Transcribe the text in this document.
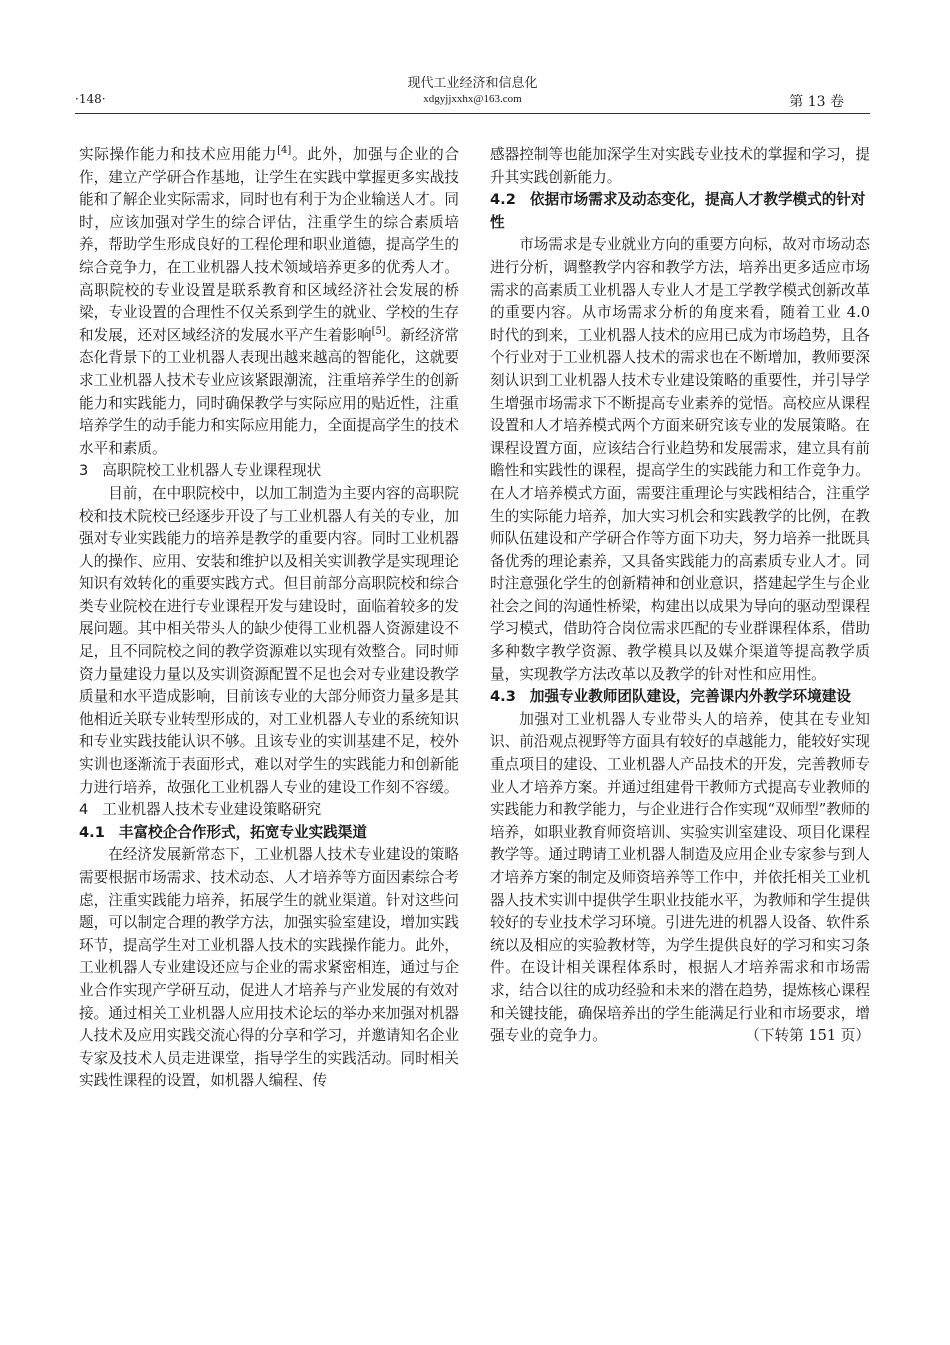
·148·
现代工业经济和信息化
xdgyjjxxhx@163.com	第 13 卷

实际操作能力和技术应用能力[4]。此外，加强与企业的合作，建立产学研合作基地，让学生在实践中掌握更多实战技能和了解企业实际需求，同时也有利于为企业输送人才。同时，应该加强对学生的综合评估，注重学生的综合素质培养，帮助学生形成良好的工程伦理和职业道德，提高学生的综合竞争力，在工业机器人技术领域培养更多的优秀人才。高职院校的专业设置是联系教育和区域经济社会发展的桥梁，专业设置的合理性不仅关系到学生的就业、学校的生存和发展，还对区域经济的发展水平产生着影响[5]。新经济常态化背景下的工业机器人表现出越来越高的智能化，这就要求工业机器人技术专业应该紧跟潮流，注重培养学生的创新能力和实践能力，同时确保教学与实际应用的贴近性，注重培养学生的动手能力和实际应用能力，全面提高学生的技术水平和素质。

3 高职院校工业机器人专业课程现状

目前，在中职院校中，以加工制造为主要内容的高职院校和技术院校已经逐步开设了与工业机器人有关的专业，加强对专业实践能力的培养是教学的重要内容。同时工业机器人的操作、应用、安装和维护以及相关实训教学是实现理论知识有效转化的重要实践方式。但目前部分高职院校和综合类专业院校在进行专业课程开发与建设时，面临着较多的发展问题。其中相关带头人的缺少使得工业机器人资源建设不足，且不同院校之间的教学资源难以实现有效整合。同时师资力量建设力量以及实训资源配置不足也会对专业建设教学质量和水平造成影响，目前该专业的大部分师资力量多是其他相近关联专业转型形成的，对工业机器人专业的系统知识和专业实践技能认识不够。且该专业的实训基建不足，校外实训也逐渐流于表面形式，难以对学生的实践能力和创新能力进行培养，故强化工业机器人专业的建设工作刻不容缓。

4 工业机器人技术专业建设策略研究
4.1 丰富校企合作形式，拓宽专业实践渠道

在经济发展新常态下，工业机器人技术专业建设的策略需要根据市场需求、技术动态、人才培养等方面因素综合考虑，注重实践能力培养，拓展学生的就业渠道。针对这些问题，可以制定合理的教学方法，加强实验室建设，增加实践环节，提高学生对工业机器人技术的实践操作能力。此外，工业机器人专业建设还应与企业的需求紧密相连，通过与企业合作实现产学研互动，促进人才培养与产业发展的有效对接。通过相关工业机器人应用技术论坛的举办来加强对机器人技术及应用实践交流心得的分享和学习，并邀请知名企业专家及技术人员走进课堂，指导学生的实践活动。同时相关实践性课程的设置，如机器人编程、传

感器控制等也能加深学生对实践专业技术的掌握和学习，提升其实践创新能力。

4.2 依据市场需求及动态变化，提高人才教学模式的针对性

市场需求是专业就业方向的重要方向标，故对市场动态进行分析，调整教学内容和教学方法，培养出更多适应市场需求的高素质工业机器人专业人才是工学教学模式创新改革的重要内容。从市场需求分析的角度来看，随着工业 4.0 时代的到来，工业机器人技术的应用已成为市场趋势，且各个行业对于工业机器人技术的需求也在不断增加，教师要深刻认识到工业机器人技术专业建设策略的重要性，并引导学生增强市场需求下不断提高专业素养的觉悟。高校应从课程设置和人才培养模式两个方面来研究该专业的发展策略。在课程设置方面，应该结合行业趋势和发展需求，建立具有前瞻性和实践性的课程，提高学生的实践能力和工作竞争力。在人才培养模式方面，需要注重理论与实践相结合，注重学生的实际能力培养，加大实习机会和实践教学的比例，在教师队伍建设和产学研合作等方面下功夫，努力培养一批既具备优秀的理论素养，又具备实践能力的高素质专业人才。同时注意强化学生的创新精神和创业意识，搭建起学生与企业社会之间的沟通性桥梁，构建出以成果为导向的驱动型课程学习模式，借助符合岗位需求匹配的专业群课程体系，借助多种数字教学资源、教学模具以及媒介渠道等提高教学质量，实现教学方法改革以及教学的针对性和应用性。

4.3 加强专业教师团队建设，完善课内外教学环境建设

加强对工业机器人专业带头人的培养，使其在专业知识、前沿观点视野等方面具有较好的卓越能力，能较好实现重点项目的建设、工业机器人产品技术的开发，完善教师专业人才培养方案。并通过组建骨干教师方式提高专业教师的实践能力和教学能力，与企业进行合作实现“双师型”教师的培养，如职业教育师资培训、实验实训室建设、项目化课程教学等。通过聘请工业机器人制造及应用企业专家参与到人才培养方案的制定及师资培养等工作中，并依托相关工业机器人技术实训中提供学生职业技能水平，为教师和学生提供较好的专业技术学习环境。引进先进的机器人设备、软件系统以及相应的实验教材等，为学生提供良好的学习和实习条件。在设计相关课程体系时，根据人才培养需求和市场需求，结合以往的成功经验和未来的潜在趋势，提炼核心课程和关键技能，确保培养出的学生能满足行业和市场要求，增强专业的竞争力。	（下转第 151 页）
